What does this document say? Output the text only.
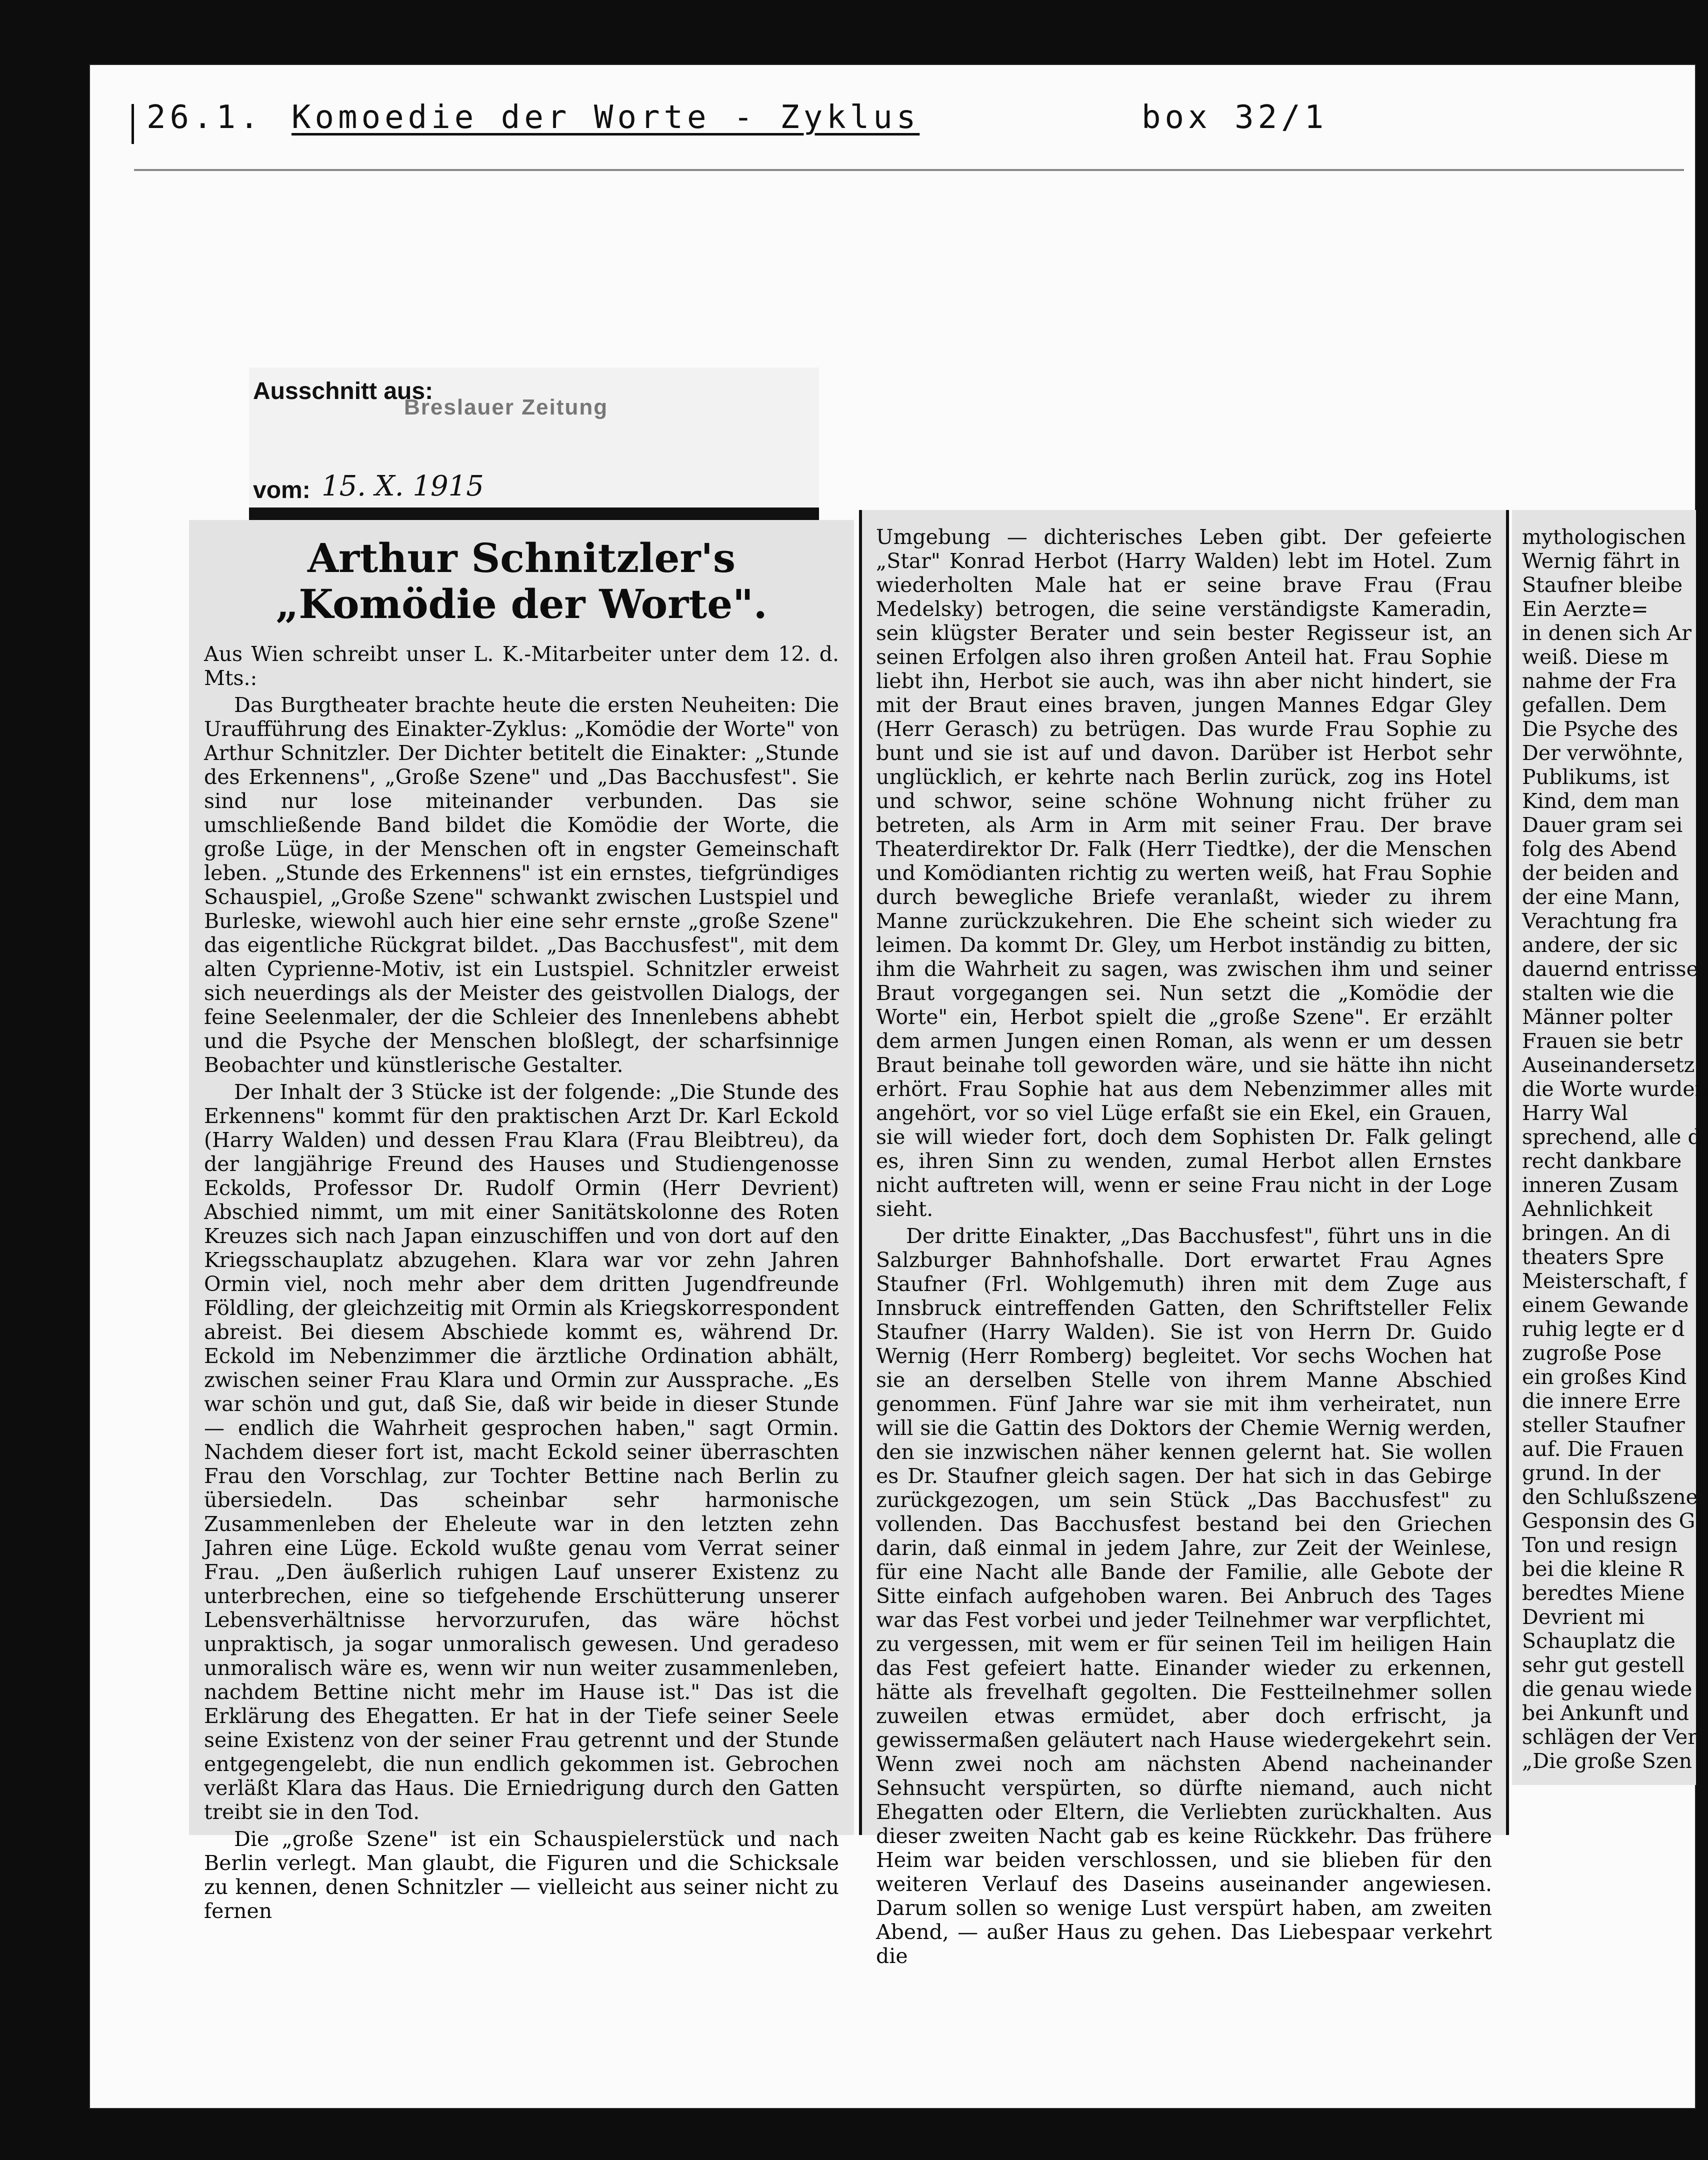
26.1. Komoedie der Worte - Zyklus	box 32/1
Ausschnitt aus:
Breslauer Zeitung
vom: 15. X. 1915
Arthur Schnitzler's „Komödie der Worte".

Aus Wien schreibt unser L. K.-Mitarbeiter unter dem 12. d. Mts.:

Das Burgtheater brachte heute die ersten Neuheiten: Die Uraufführung des Einakter-Zyklus: „Komödie der Worte" von Arthur Schnitzler. Der Dichter betitelt die Einakter: „Stunde des Erkennens", „Große Szene" und „Das Bacchusfest". Sie sind nur lose miteinander verbunden. Das sie umschließende Band bildet die Komödie der Worte, die große Lüge, in der Menschen oft in engster Gemeinschaft leben. „Stunde des Erkennens" ist ein ernstes, tiefgründiges Schauspiel, „Große Szene" schwankt zwischen Lustspiel und Burleske, wiewohl auch hier eine sehr ernste „große Szene" das eigentliche Rückgrat bildet. „Das Bacchusfest", mit dem alten Cyprienne-Motiv, ist ein Lustspiel. Schnitzler erweist sich neuerdings als der Meister des geistvollen Dialogs, der feine Seelenmaler, der die Schleier des Innenlebens abhebt und die Psyche der Menschen bloßlegt, der scharfsinnige Beobachter und künstlerische Gestalter.

Der Inhalt der 3 Stücke ist der folgende: „Die Stunde des Erkennens" kommt für den praktischen Arzt Dr. Karl Eckold (Harry Walden) und dessen Frau Klara (Frau Bleibtreu), da der langjährige Freund des Hauses und Studiengenosse Eckolds, Professor Dr. Rudolf Ormin (Herr Devrient) Abschied nimmt, um mit einer Sanitätskolonne des Roten Kreuzes sich nach Japan einzuschiffen und von dort auf den Kriegsschauplatz abzugehen. Klara war vor zehn Jahren Ormin viel, noch mehr aber dem dritten Jugendfreunde Földling, der gleichzeitig mit Ormin als Kriegskorrespondent abreist. Bei diesem Abschiede kommt es, während Dr. Eckold im Nebenzimmer die ärztliche Ordination abhält, zwischen seiner Frau Klara und Ormin zur Aussprache. „Es war schön und gut, daß Sie, daß wir beide in dieser Stunde — endlich die Wahrheit gesprochen haben," sagt Ormin. Nachdem dieser fort ist, macht Eckold seiner überraschten Frau den Vorschlag, zur Tochter Bettine nach Berlin zu übersiedeln. Das scheinbar sehr harmonische Zusammenleben der Eheleute war in den letzten zehn Jahren eine Lüge. Eckold wußte genau vom Verrat seiner Frau. „Den äußerlich ruhigen Lauf unserer Existenz zu unterbrechen, eine so tiefgehende Erschütterung unserer Lebensverhältnisse hervorzurufen, das wäre höchst unpraktisch, ja sogar unmoralisch gewesen. Und geradeso unmoralisch wäre es, wenn wir nun weiter zusammenleben, nachdem Bettine nicht mehr im Hause ist." Das ist die Erklärung des Ehegatten. Er hat in der Tiefe seiner Seele seine Existenz von der seiner Frau getrennt und der Stunde entgegengelebt, die nun endlich gekommen ist. Gebrochen verläßt Klara das Haus. Die Erniedrigung durch den Gatten treibt sie in den Tod.

Die „große Szene" ist ein Schauspielerstück und nach Berlin verlegt. Man glaubt, die Figuren und die Schicksale zu kennen, denen Schnitzler — vielleicht aus seiner nicht zu fernen

Umgebung — dichterisches Leben gibt. Der gefeierte „Star" Konrad Herbot (Harry Walden) lebt im Hotel. Zum wiederholten Male hat er seine brave Frau (Frau Medelsky) betrogen, die seine verständigste Kameradin, sein klügster Berater und sein bester Regisseur ist, an seinen Erfolgen also ihren großen Anteil hat. Frau Sophie liebt ihn, Herbot sie auch, was ihn aber nicht hindert, sie mit der Braut eines braven, jungen Mannes Edgar Gley (Herr Gerasch) zu betrügen. Das wurde Frau Sophie zu bunt und sie ist auf und davon. Darüber ist Herbot sehr unglücklich, er kehrte nach Berlin zurück, zog ins Hotel und schwor, seine schöne Wohnung nicht früher zu betreten, als Arm in Arm mit seiner Frau. Der brave Theaterdirektor Dr. Falk (Herr Tiedtke), der die Menschen und Komödianten richtig zu werten weiß, hat Frau Sophie durch bewegliche Briefe veranlaßt, wieder zu ihrem Manne zurückzukehren. Die Ehe scheint sich wieder zu leimen. Da kommt Dr. Gley, um Herbot inständig zu bitten, ihm die Wahrheit zu sagen, was zwischen ihm und seiner Braut vorgegangen sei. Nun setzt die „Komödie der Worte" ein, Herbot spielt die „große Szene". Er erzählt dem armen Jungen einen Roman, als wenn er um dessen Braut beinahe toll geworden wäre, und sie hätte ihn nicht erhört. Frau Sophie hat aus dem Nebenzimmer alles mit angehört, vor so viel Lüge erfaßt sie ein Ekel, ein Grauen, sie will wieder fort, doch dem Sophisten Dr. Falk gelingt es, ihren Sinn zu wenden, zumal Herbot allen Ernstes nicht auftreten will, wenn er seine Frau nicht in der Loge sieht.

Der dritte Einakter, „Das Bacchusfest", führt uns in die Salzburger Bahnhofshalle. Dort erwartet Frau Agnes Staufner (Frl. Wohlgemuth) ihren mit dem Zuge aus Innsbruck eintreffenden Gatten, den Schriftsteller Felix Staufner (Harry Walden). Sie ist von Herrn Dr. Guido Wernig (Herr Romberg) begleitet. Vor sechs Wochen hat sie an derselben Stelle von ihrem Manne Abschied genommen. Fünf Jahre war sie mit ihm verheiratet, nun will sie die Gattin des Doktors der Chemie Wernig werden, den sie inzwischen näher kennen gelernt hat. Sie wollen es Dr. Staufner gleich sagen. Der hat sich in das Gebirge zurückgezogen, um sein Stück „Das Bacchusfest" zu vollenden. Das Bacchusfest bestand bei den Griechen darin, daß einmal in jedem Jahre, zur Zeit der Weinlese, für eine Nacht alle Bande der Familie, alle Gebote der Sitte einfach aufgehoben waren. Bei Anbruch des Tages war das Fest vorbei und jeder Teilnehmer war verpflichtet, zu vergessen, mit wem er für seinen Teil im heiligen Hain das Fest gefeiert hatte. Einander wieder zu erkennen, hätte als frevelhaft gegolten. Die Festteilnehmer sollen zuweilen etwas ermüdet, aber doch erfrischt, ja gewissermaßen geläutert nach Hause wiedergekehrt sein. Wenn zwei noch am nächsten Abend nacheinander Sehnsucht verspürten, so dürfte niemand, auch nicht Ehegatten oder Eltern, die Verliebten zurückhalten. Aus dieser zweiten Nacht gab es keine Rückkehr. Das frühere Heim war beiden verschlossen, und sie blieben für den weiteren Verlauf des Daseins auseinander angewiesen. Darum sollen so wenige Lust verspürt haben, am zweiten Abend, — außer Haus zu gehen. Das Liebespaar verkehrt die

mythologischen
Wernig fährt in
Staufner bleibe
Ein Aerzte=
in denen sich Ar
weiß. Diese m
nahme der Fra
gefallen. Dem
Die Psyche des
Der verwöhnte,
Publikums, ist
Kind, dem man
Dauer gram sei
folg des Abend
der beiden and
der eine Mann,
Verachtung fra
andere, der sic
dauernd entrisse
stalten wie die
Männer polter
Frauen sie betr
Auseinandersetz
die Worte wurden
Harry Wal
sprechend, alle d
recht dankbare
inneren Zusam
Aehnlichkeit
bringen. An di
theaters Spre
Meisterschaft, f
einem Gewande
ruhig legte er d
zugroße Pose
ein großes Kind
die innere Erre
steller Staufner
auf. Die Frauen
grund. In der
den Schlußszene
Gesponsin des G
Ton und resign
bei die kleine R
beredtes Miene
Devrient mi
Schauplatz die
sehr gut gestell
die genau wiede
bei Ankunft und
schlägen der Ver
„Die große Szen
